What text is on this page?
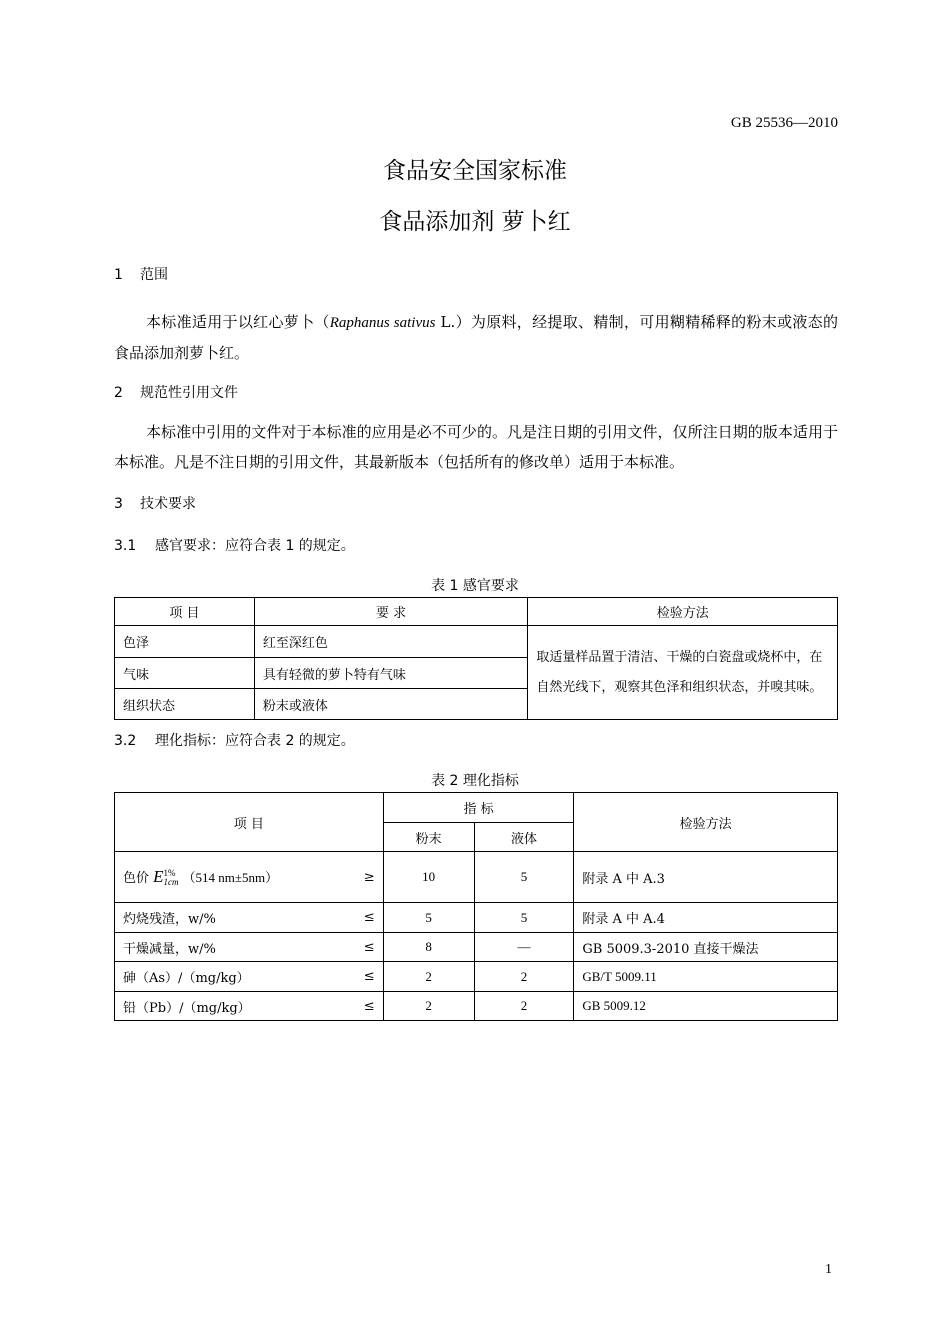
GB 25536—2010
食品安全国家标准
食品添加剂 萝卜红
1 范围
本标准适用于以红心萝卜（Raphanus sativus L.）为原料，经提取、精制，可用糊精稀释的粉末或液态的食品添加剂萝卜红。
2 规范性引用文件
本标准中引用的文件对于本标准的应用是必不可少的。凡是注日期的引用文件，仅所注日期的版本适用于本标准。凡是不注日期的引用文件，其最新版本（包括所有的修改单）适用于本标准。
3 技术要求
3.1 感官要求：应符合表 1 的规定。
表 1 感官要求
项 目	要 求	检验方法
色泽	红至深红色	取适量样品置于清洁、干燥的白瓷盘或烧杯中，在自然光线下，观察其色泽和组织状态，并嗅其味。
气味	具有轻微的萝卜特有气味	
组织状态	粉末或液体	
3.2 理化指标：应符合表 2 的规定。
表 2 理化指标
项 目	指 标		检验方法
	粉末	液体	

色价 E 1%
1cm （514 nm±5nm） ≥	10	5	附录 A 中 A.3

灼烧残渣，w/% ≤	5	5	附录 A 中 A.4

干燥减量，w/% ≤	8	—	GB 5009.3-2010 直接干燥法

砷（As）/（mg/kg） ≤	2	2	GB/T 5009.11

铅（Pb）/（mg/kg） ≤	2	2	GB 5009.12
1
